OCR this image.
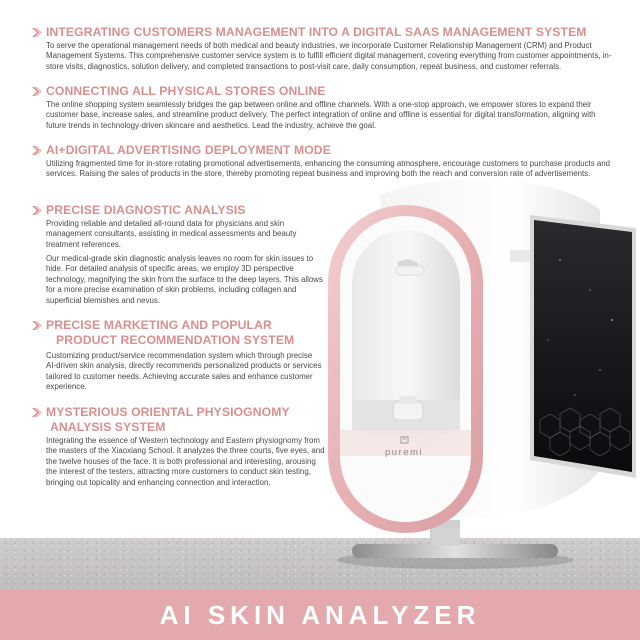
puremi
AI SKIN ANALYZER
INTEGRATING CUSTOMERS MANAGEMENT INTO A DIGITAL SAAS MANAGEMENT SYSTEM
To serve the operational management needs of both medical and beauty industries, we incorporate Customer Relationship Management (CRM) and Product Management Systems. This comprehensive customer service system is to fulfill efficient digital management, covering everything from customer appointments, in-store visits, diagnostics, solution delivery, and completed transactions to post-visit care, daily consumption, repeat business, and customer referrals.
CONNECTING ALL PHYSICAL STORES ONLINE
The online shopping system seamlessly bridges the gap between online and offline channels. With a one-stop approach, we empower stores to expand their customer base, increase sales, and streamline product delivery. The perfect integration of online and offline is essential for digital transformation, aligning with future trends in technology-driven skincare and aesthetics. Lead the industry, achieve the goal.
AI+DIGITAL ADVERTISING DEPLOYMENT MODE
Utilizing fragmented time for in-store rotating promotional advertisements, enhancing the consuming atmosphere, encourage customers to purchase products and services. Raising the sales of products in the store, thereby promoting repeat business and improving both the reach and conversion rate of advertisements.
PRECISE DIAGNOSTIC ANALYSIS
Providing reliable and detailed all-round data for physicians and skin management consultants, assisting in medical assessments and beauty treatment references.
Our medical-grade skin diagnostic analysis leaves no room for skin issues to hide. For detailed analysis of specific areas, we employ 3D perspective technology, magnifying the skin from the surface to the deep layers. This allows for a more precise examination of skin problems, including collagen and superficial blemishes and nevus.
PRECISE MARKETING AND POPULAR
PRODUCT RECOMMENDATION SYSTEM
Customizing product/service recommendation system which through precise AI-driven skin analysis, directly recommends personalized products or services tailored to customer needs. Achieving accurate sales and enhance customer experience.
MYSTERIOUS ORIENTAL PHYSIOGNOMY
ANALYSIS SYSTEM
Integrating the essence of Western technology and Eastern physiognomy from the masters of the Xiaoxiang School. It analyzes the three courts, five eyes, and the twelve houses of the face. It is both professional and interesting, arousing the interest of the testers, attracting more customers to conduct skin testing, bringing out topicality and enhancing connection and interaction.
